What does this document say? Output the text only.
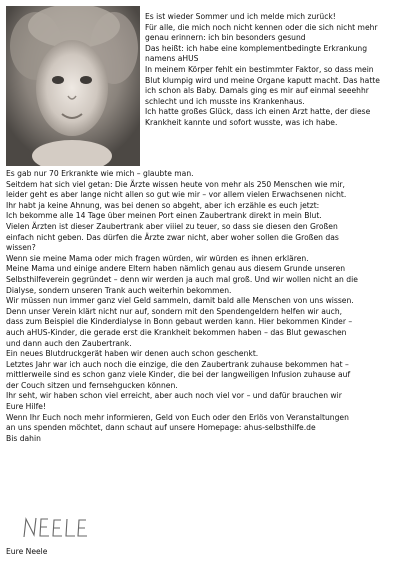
Es ist wieder Sommer und ich melde mich zurück!
Für alle, die mich noch nicht kennen oder die sich nicht mehr
genau erinnern: ich bin besonders gesund
Das heißt: ich habe eine komplementbedingte Erkrankung
namens aHUS
In meinem Körper fehlt ein bestimmter Faktor, so dass mein
Blut klumpig wird und meine Organe kaputt macht. Das hatte
ich schon als Baby. Damals ging es mir auf einmal seeehhr
schlecht und ich musste ins Krankenhaus.
Ich hatte großes Glück, dass ich einen Arzt hatte, der diese
Krankheit kannte und sofort wusste, was ich habe.
Es gab nur 70 Erkrankte wie mich – glaubte man.
Seitdem hat sich viel getan: Die Ärzte wissen heute von mehr als 250 Menschen wie mir,
leider geht es aber lange nicht allen so gut wie mir – vor allem vielen Erwachsenen nicht.
Ihr habt ja keine Ahnung, was bei denen so abgeht, aber ich erzähle es euch jetzt:
Ich bekomme alle 14 Tage über meinen Port einen Zaubertrank direkt in mein Blut.
Vielen Ärzten ist dieser Zaubertrank aber viiiel zu teuer, so dass sie diesen den Großen
einfach nicht geben. Das dürfen die Ärzte zwar nicht, aber woher sollen die Großen das
wissen?
Wenn sie meine Mama oder mich fragen würden, wir würden es ihnen erklären.
Meine Mama und einige andere Eltern haben nämlich genau aus diesem Grunde unseren
Selbsthilfeverein gegründet – denn wir werden ja auch mal groß. Und wir wollen nicht an die
Dialyse, sondern unseren Trank auch weiterhin bekommen.
Wir müssen nun immer ganz viel Geld sammeln, damit bald alle Menschen von uns wissen.
Denn unser Verein klärt nicht nur auf, sondern mit den Spendengeldern helfen wir auch,
dass zum Beispiel die Kinderdialyse in Bonn gebaut werden kann. Hier bekommen Kinder –
auch aHUS-Kinder, die gerade erst die Krankheit bekommen haben – das Blut gewaschen
und dann auch den Zaubertrank.
Ein neues Blutdruckgerät haben wir denen auch schon geschenkt.
Letztes Jahr war ich auch noch die einzige, die den Zaubertrank zuhause bekommen hat –
mittlerweile sind es schon ganz viele Kinder, die bei der langweiligen Infusion zuhause auf
der Couch sitzen und fernsehgucken können.
Ihr seht, wir haben schon viel erreicht, aber auch noch viel vor – und dafür brauchen wir
Eure Hilfe!
Wenn Ihr Euch noch mehr informieren, Geld von Euch oder den Erlös von Veranstaltungen
an uns spenden möchtet, dann schaut auf unsere Homepage: ahus-selbsthilfe.de
Bis dahin
Eure Neele
